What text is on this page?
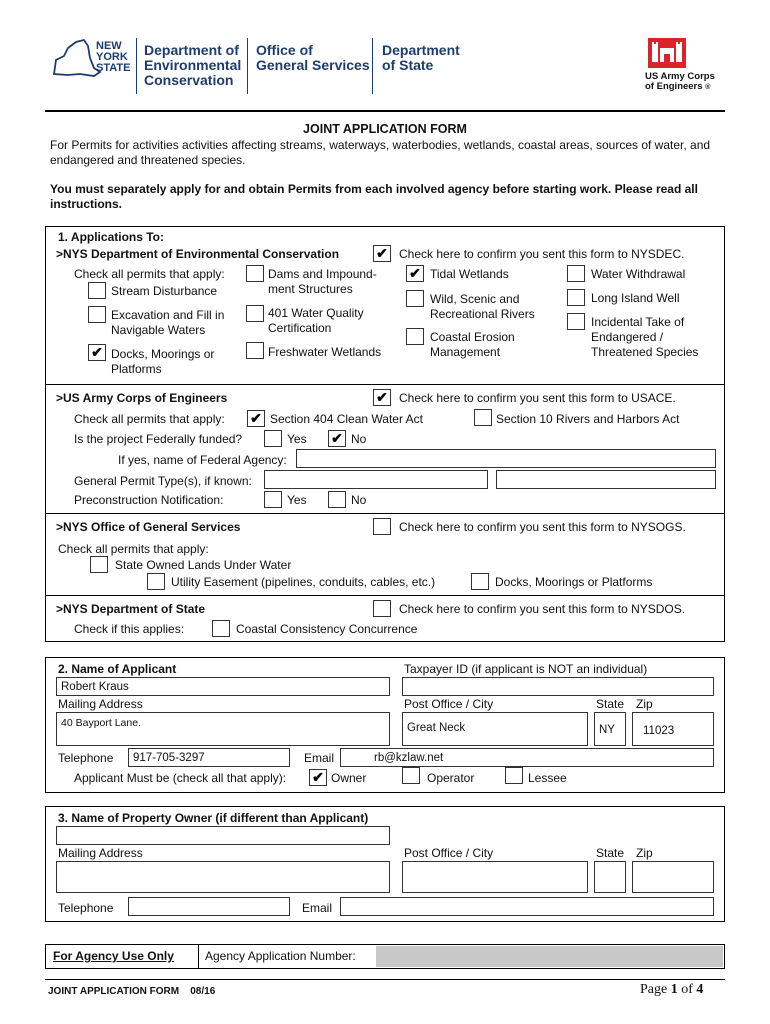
NEW
YORK
STATE
Department of
Environmental
Conservation
Office of
General Services
Department
of State
US Army Corps
of Engineers ®
JOINT APPLICATION FORM
For Permits for activities activities affecting streams, waterways, waterbodies, wetlands, coastal areas, sources of water, and endangered and threatened species.
You must separately apply for and obtain Permits from each involved agency before starting work. Please read all instructions.
1. Applications To:
>NYS Department of Environmental Conservation	✔ Check here to confirm you sent this form to NYSDEC.
Check all permits that apply:
Stream Disturbance
Excavation and Fill in Navigable Waters
✔ Docks, Moorings or Platforms
Dams and Impound-ment Structures
401 Water Quality Certification
Freshwater Wetlands
✔ Tidal Wetlands
Wild, Scenic and Recreational Rivers
Coastal Erosion Management
Water Withdrawal
Long Island Well
Incidental Take of Endangered / Threatened Species
>US Army Corps of Engineers	✔ Check here to confirm you sent this form to USACE.
Check all permits that apply: ✔ Section 404 Clean Water Act	Section 10 Rivers and Harbors Act
Is the project Federally funded?	Yes ✔ No
If yes, name of Federal Agency:
General Permit Type(s), if known:
Preconstruction Notification:	Yes	No
>NYS Office of General Services	Check here to confirm you sent this form to NYSOGS.
Check all permits that apply:
State Owned Lands Under Water
Utility Easement (pipelines, conduits, cables, etc.)	Docks, Moorings or Platforms
>NYS Department of State	Check here to confirm you sent this form to NYSDOS.
Check if this applies:	Coastal Consistency Concurrence
2. Name of Applicant	Taxpayer ID (if applicant is NOT an individual)
Robert Kraus
Mailing Address	Post Office / City	State Zip
40 Bayport Lane.	Great Neck	NY	11023
Telephone	917-705-3297	Email	rb@kzlaw.net
Applicant Must be (check all that apply): ✔ Owner	Operator	Lessee
3. Name of Property Owner (if different than Applicant)
Mailing Address	Post Office / City	State Zip
Telephone	Email
For Agency Use Only	Agency Application Number:
JOINT APPLICATION FORM 08/16	Page 1 of 4
